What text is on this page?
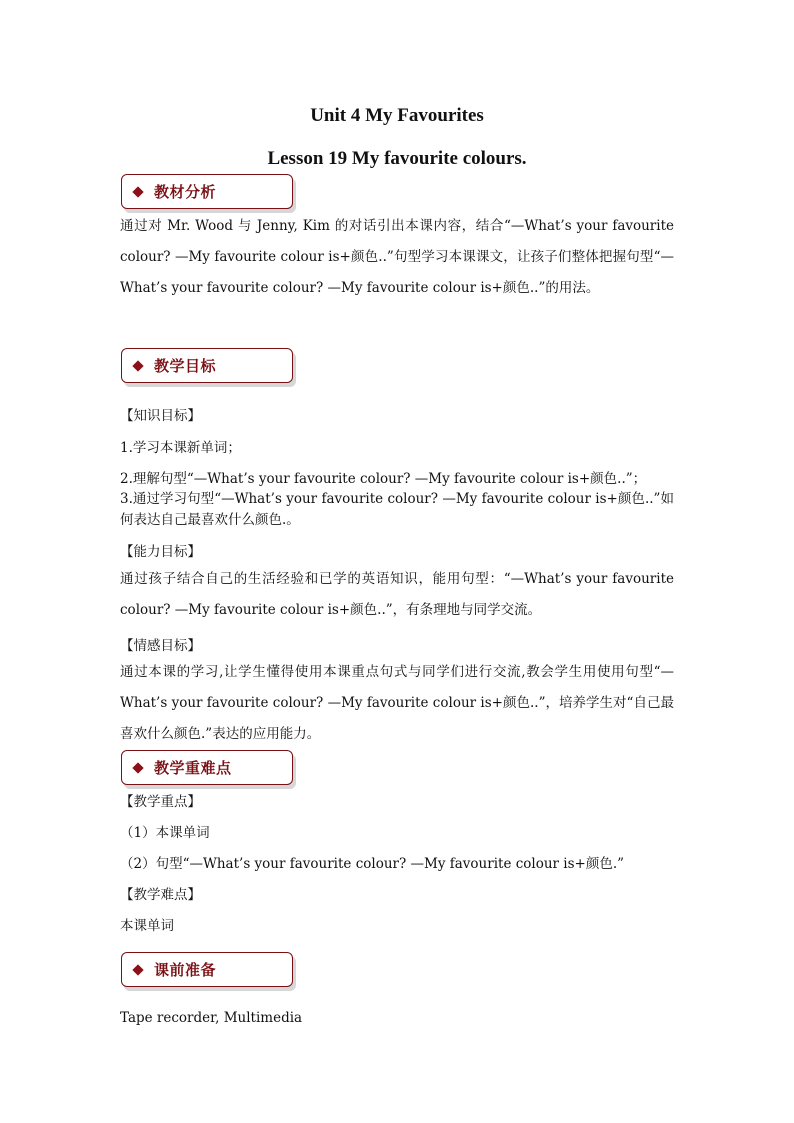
Unit 4 My Favourites
Lesson 19 My favourite colours.
教材分析

通过对 Mr. Wood 与 Jenny, Kim 的对话引出本课内容，结合“—What’s your favourite colour? —My favourite colour is+颜色..”句型学习本课课文，让孩子们整体把握句型“—What’s your favourite colour? —My favourite colour is+颜色..”的用法。

教学目标

【知识目标】

1.学习本课新单词；

2.理解句型“—What’s your favourite colour? —My favourite colour is+颜色..”；

3.通过学习句型“—What’s your favourite colour? —My favourite colour is+颜色..”如何表达自己最喜欢什么颜色.。

【能力目标】

通过孩子结合自己的生活经验和已学的英语知识，能用句型：“—What’s your favourite colour? —My favourite colour is+颜色..”，有条理地与同学交流。

【情感目标】

通过本课的学习,让学生懂得使用本课重点句式与同学们进行交流,教会学生用使用句型“—What’s your favourite colour? —My favourite colour is+颜色..”，培养学生对“自己最喜欢什么颜色.”表达的应用能力。

教学重难点

【教学重点】

（1）本课单词

（2）句型“—What’s your favourite colour? —My favourite colour is+颜色.”

【教学难点】

本课单词

课前准备

Tape recorder, Multimedia
